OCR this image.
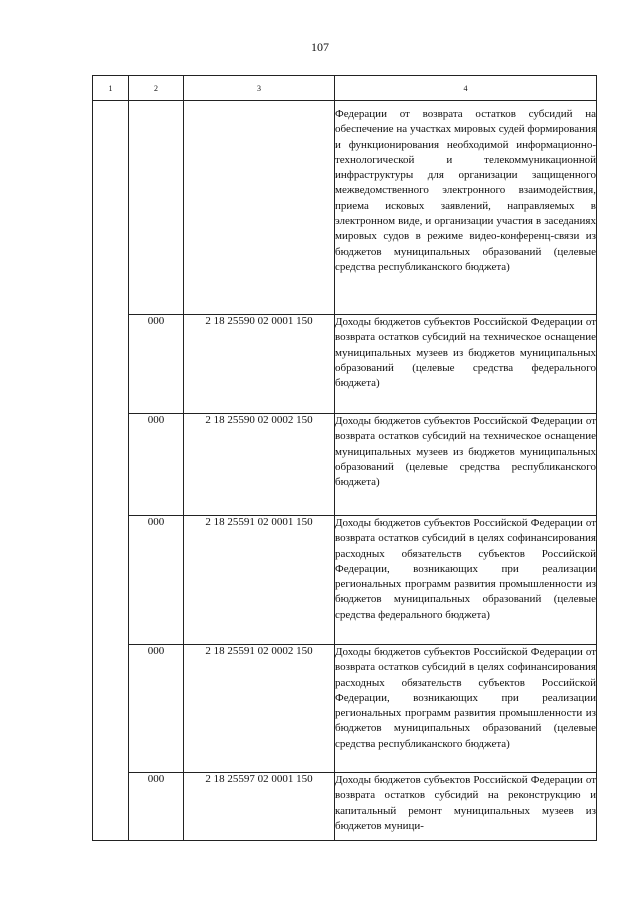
107
1	2	3	4
			Федерации от возврата остатков субсидий на обеспечение на участках мировых судей формирования и функционирования необходимой информационно-технологической и телекоммуникационной инфраструктуры для организации защищенного межведомственного электронного взаимодействия, приема исковых заявлений, направляемых в электронном виде, и организации участия в заседаниях мировых судов в режиме видео-конференц-связи из бюджетов муниципальных образований (целевые средства республиканского бюджета)
	000	2 18 25590 02 0001 150	Доходы бюджетов субъектов Российской Федерации от возврата остатков субсидий на техническое оснащение муниципальных музеев из бюджетов муниципальных образований (целевые средства федерального бюджета)
	000	2 18 25590 02 0002 150	Доходы бюджетов субъектов Российской Федерации от возврата остатков субсидий на техническое оснащение муниципальных музеев из бюджетов муниципальных образований (целевые средства республиканского бюджета)
	000	2 18 25591 02 0001 150	Доходы бюджетов субъектов Российской Федерации от возврата остатков субсидий в целях софинансирования расходных обязательств субъектов Российской Федерации, возникающих при реализации региональных программ развития промышленности из бюджетов муниципальных образований (целевые средства федерального бюджета)
	000	2 18 25591 02 0002 150	Доходы бюджетов субъектов Российской Федерации от возврата остатков субсидий в целях софинансирования расходных обязательств субъектов Российской Федерации, возникающих при реализации региональных программ развития промышленности из бюджетов муниципальных образований (целевые средства республиканского бюджета)
	000	2 18 25597 02 0001 150	Доходы бюджетов субъектов Российской Федерации от возврата остатков субсидий на реконструкцию и капитальный ремонт муниципальных музеев из бюджетов муници-
